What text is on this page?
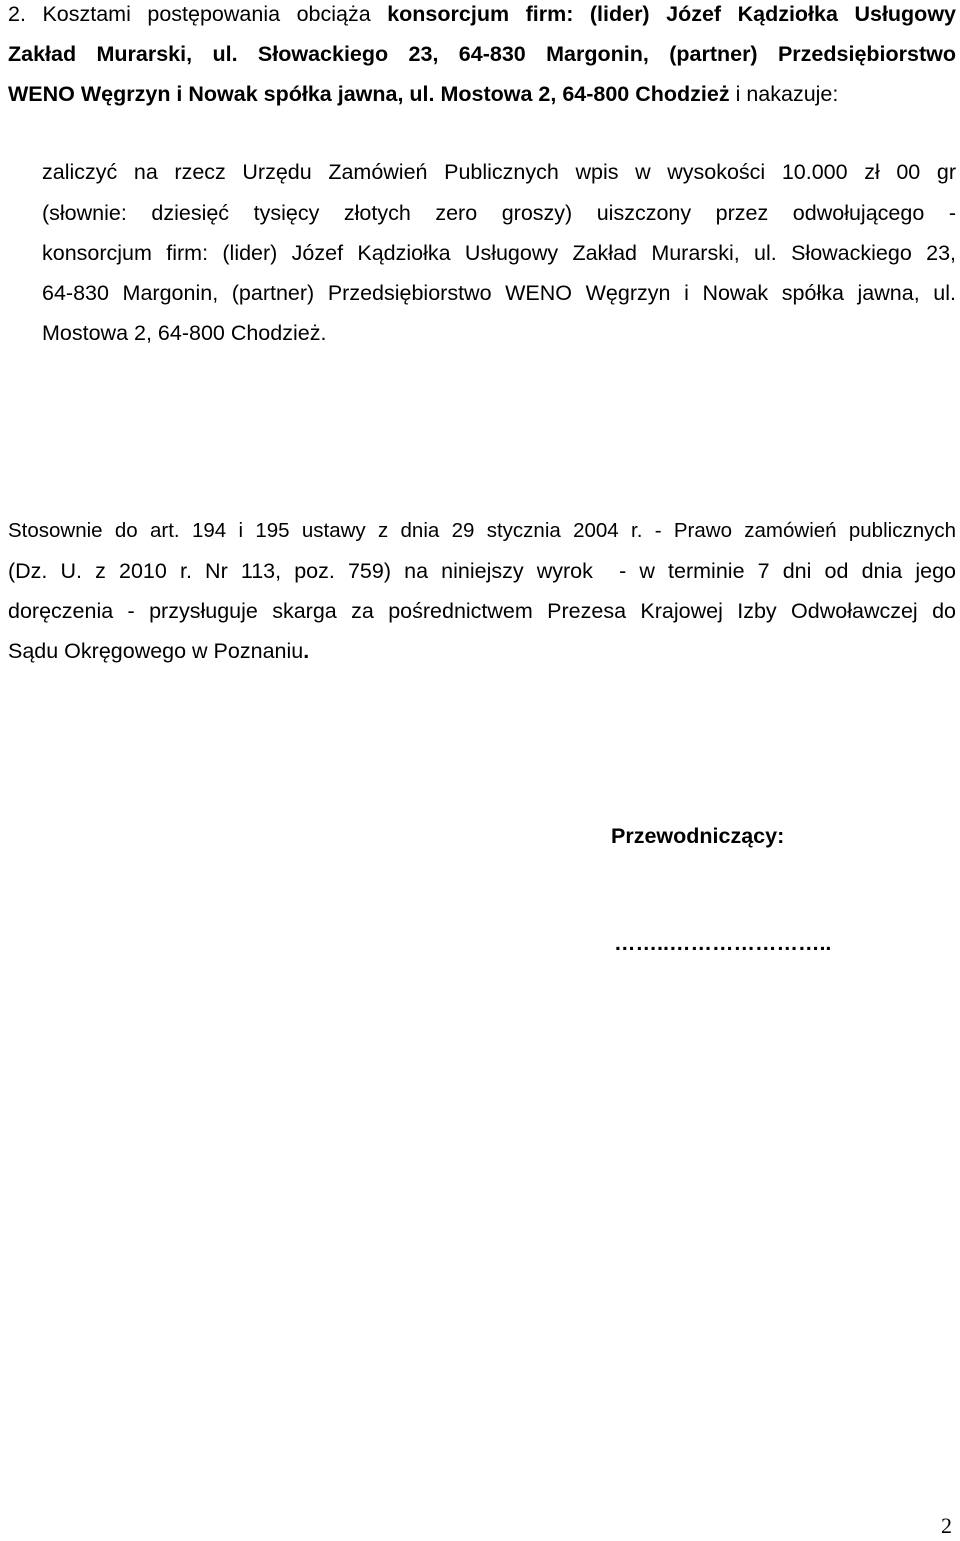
2. Kosztami postępowania obciąża konsorcjum firm: (lider) Józef Kądziołka Usługowy
Zakład Murarski, ul. Słowackiego 23, 64-830 Margonin, (partner) Przedsiębiorstwo
WENO Węgrzyn i Nowak spółka jawna, ul. Mostowa 2, 64-800 Chodzież i nakazuje:
zaliczyć na rzecz Urzędu Zamówień Publicznych wpis w wysokości 10.000 zł 00 gr
(słownie: dziesięć tysięcy złotych zero groszy) uiszczony przez odwołującego -
konsorcjum firm: (lider) Józef Kądziołka Usługowy Zakład Murarski, ul. Słowackiego 23,
64-830 Margonin, (partner) Przedsiębiorstwo WENO Węgrzyn i Nowak spółka jawna, ul.
Mostowa 2, 64-800 Chodzież.
Stosownie do art. 194 i 195 ustawy z dnia 29 stycznia 2004 r. - Prawo zamówień publicznych
(Dz. U. z 2010 r. Nr 113, poz. 759) na niniejszy wyrok  - w terminie 7 dni od dnia jego
doręczenia - przysługuje skarga za pośrednictwem Prezesa Krajowej Izby Odwoławczej do
Sądu Okręgowego w Poznaniu.
Przewodniczący:
……..…………………..
2
